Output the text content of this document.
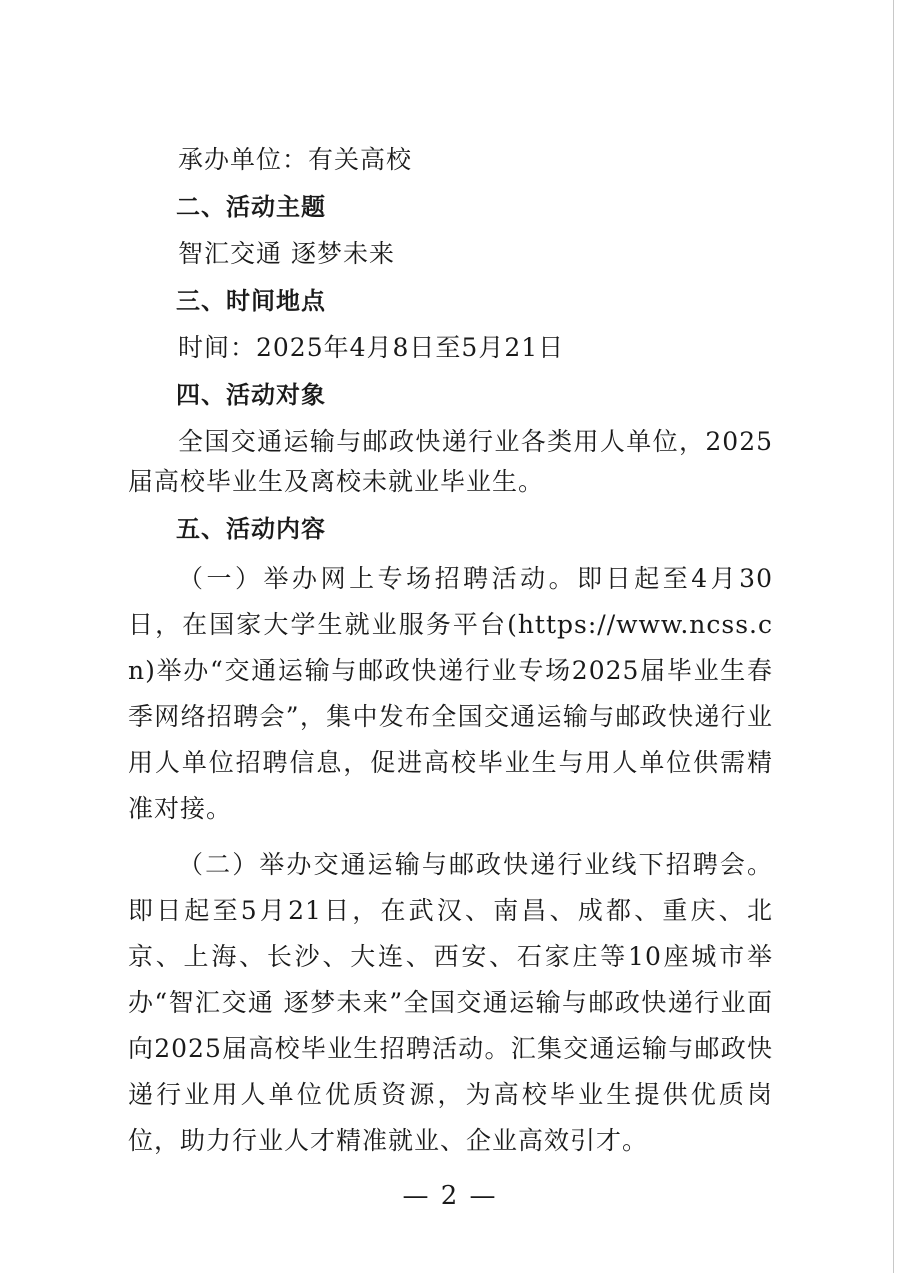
承办单位：有关高校

二、活动主题

智汇交通 逐梦未来

三、时间地点

时间：2025年4月8日至5月21日

四、活动对象

全国交通运输与邮政快递行业各类用人单位，2025届高校毕业生及离校未就业毕业生。

五、活动内容

（一）举办网上专场招聘活动。即日起至4月30日，在国家大学生就业服务平台(https://www.ncss.cn)举办“交通运输与邮政快递行业专场2025届毕业生春季网络招聘会”，集中发布全国交通运输与邮政快递行业用人单位招聘信息，促进高校毕业生与用人单位供需精准对接。

（二）举办交通运输与邮政快递行业线下招聘会。即日起至5月21日，在武汉、南昌、成都、重庆、北京、上海、长沙、大连、西安、石家庄等10座城市举办“智汇交通 逐梦未来”全国交通运输与邮政快递行业面向2025届高校毕业生招聘活动。汇集交通运输与邮政快递行业用人单位优质资源，为高校毕业生提供优质岗位，助力行业人才精准就业、企业高效引才。

— 2 —
